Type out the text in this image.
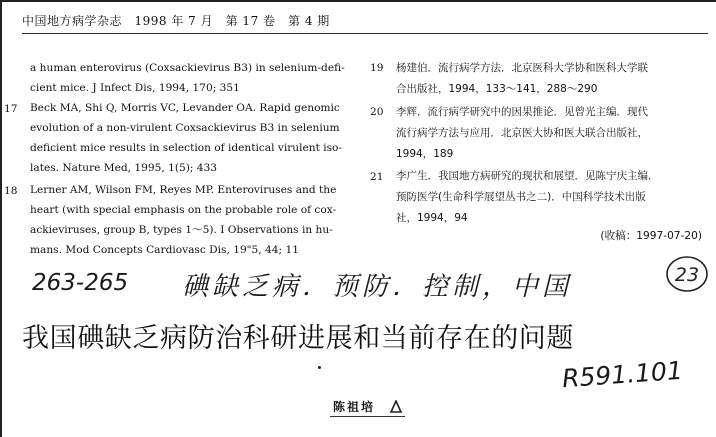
中国地方病学杂志　1998 年 7 月　第 17 卷　第 4 期
a human enterovirus (Coxsackievirus B3) in selenium-defi-
cient mice. J Infect Dis, 1994, 170; 351
17 Beck MA, Shi Q, Morris VC, Levander OA. Rapid genomic
evolution of a non-virulent Coxsackievirus B3 in selenium
deficient mice results in selection of identical virulent iso-
lates. Nature Med, 1995, 1(5); 433
18 Lerner AM, Wilson FM, Reyes MP. Enteroviruses and the
heart (with special emphasis on the probable role of cox-
ackieviruses, group B, types 1～5). Ⅰ Observations in hu-
mans. Mod Concepts Cardiovasc Dis, 19"5, 44; 11
19 杨建伯．流行病学方法．北京医科大学协和医科大学联
合出版社，1994，133～141，288～290
20 李辉．流行病学研究中的因果推论．见曾光主编．现代
流行病学方法与应用．北京医大协和医大联合出版社，
1994，189
21 李广生．我国地方病研究的现状和展望．见陈宁庆主编．
预防医学(生命科学展望丛书之二)．中国科学技术出版
社，1994，94
(收稿：1997-07-20)
263-265 碘缺乏病．预防．控制，中国	23
R591.101
我国碘缺乏病防治科研进展和当前存在的问题
陈祖培
